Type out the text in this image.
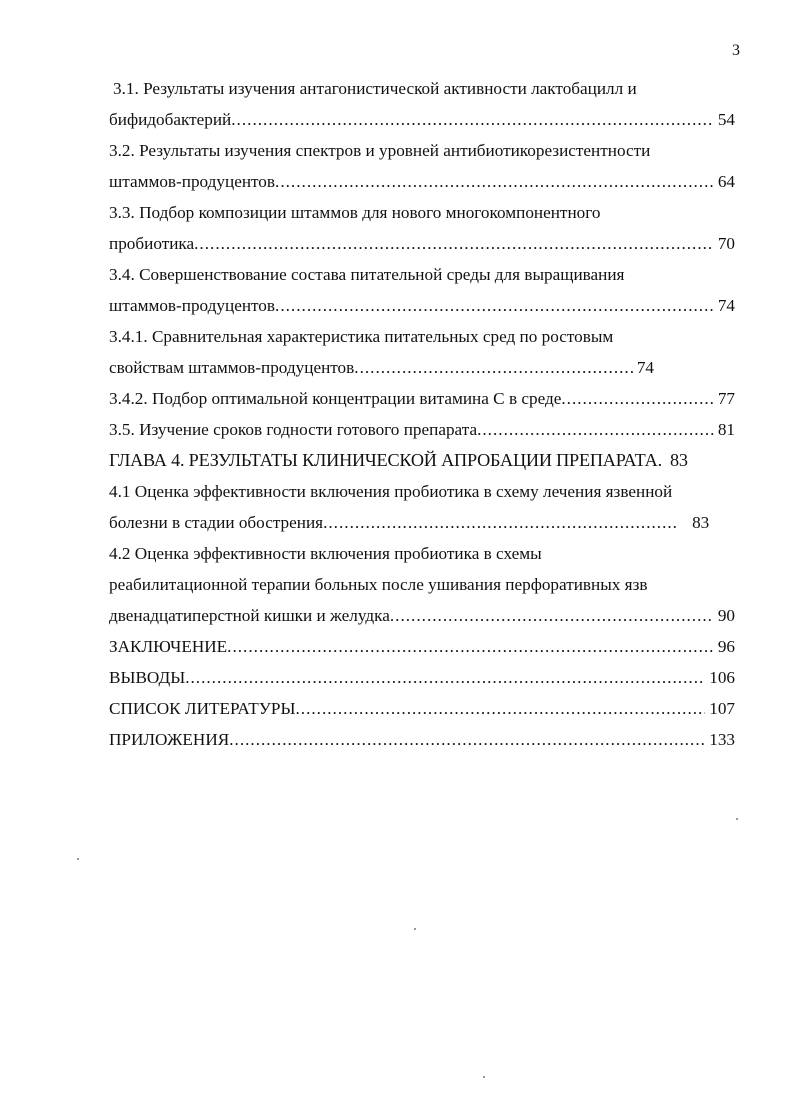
3
3.1. Результаты изучения антагонистической активности лактобацилл и
бифидобактерий .....	54
3.2. Результаты изучения спектров и уровней антибиотикорезистентности
штаммов-продуцентов .....	64
3.3. Подбор композиции штаммов для нового многокомпонентного
пробиотика .....	70
3.4. Совершенствование состава питательной среды для выращивания
штаммов-продуцентов .....	74
3.4.1. Сравнительная характеристика питательных сред по ростовым
свойствам штаммов-продуцентов .....	74
3.4.2. Подбор оптимальной концентрации витамина С в среде .....	77
3.5. Изучение сроков годности готового препарата .....	81
ГЛАВА 4. РЕЗУЛЬТАТЫ КЛИНИЧЕСКОЙ АПРОБАЦИИ ПРЕПАРАТА. 83
4.1 Оценка эффективности включения пробиотика в схему лечения язвенной
болезни в стадии обострения .....	83
4.2 Оценка эффективности включения пробиотика в схемы
реабилитационной терапии больных после ушивания перфоративных язв
двенадцатиперстной кишки и желудка .....	90
ЗАКЛЮЧЕНИЕ .....	96
ВЫВОДЫ .....	106
СПИСОК ЛИТЕРАТУРЫ .....	107
ПРИЛОЖЕНИЯ .....	133
